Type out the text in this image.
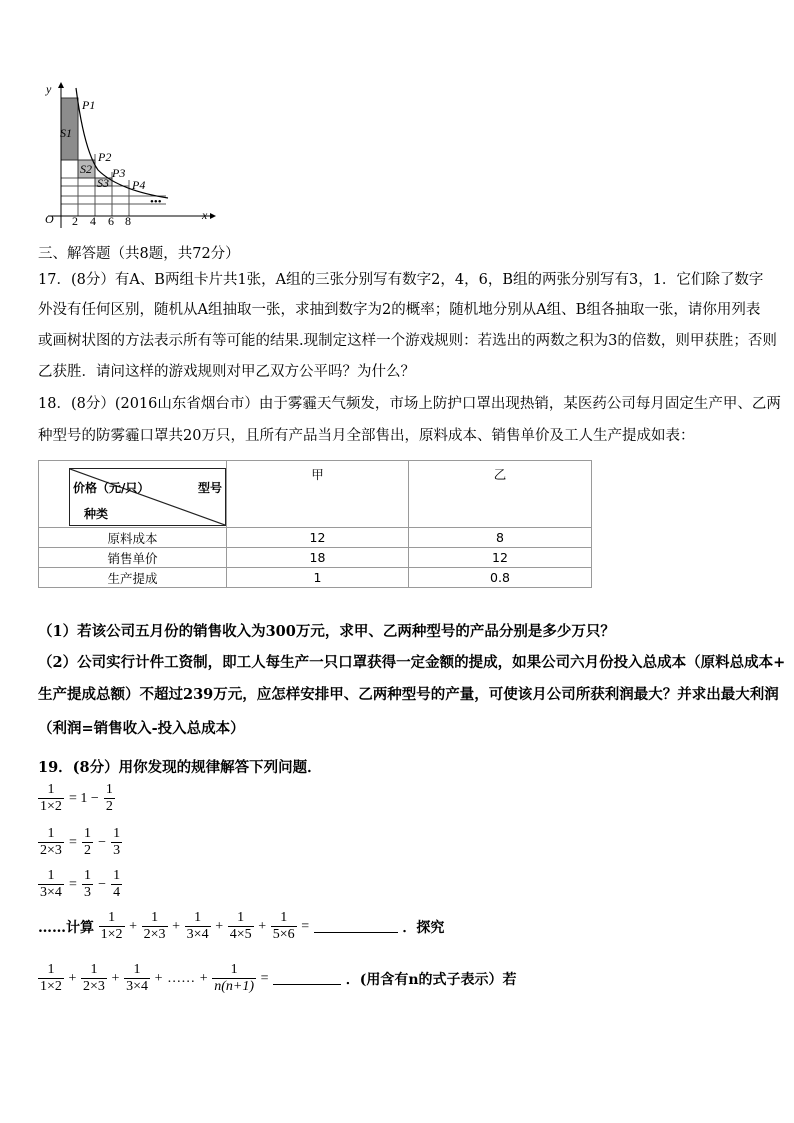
y
x
O 2 4 6 8
P1
P2
P3
P4
S1
S2
S3
•••
三、解答题（共8题，共72分）
17．(8分）有A、B两组卡片共1张，A组的三张分别写有数字2，4，6，B组的两张分别写有3，1．它们除了数字
外没有任何区别，随机从A组抽取一张，求抽到数字为2的概率；随机地分别从A组、B组各抽取一张，请你用列表
或画树状图的方法表示所有等可能的结果.现制定这样一个游戏规则：若选出的两数之积为3的倍数，则甲获胜；否则
乙获胜．请问这样的游戏规则对甲乙双方公平吗？为什么？
18．(8分）(2016山东省烟台市）由于雾霾天气频发，市场上防护口罩出现热销，某医药公司每月固定生产甲、乙两
种型号的防雾霾口罩共20万只，且所有产品当月全部售出，原料成本、销售单价及工人生产提成如表：
价格（元/只） 型号
种类	甲	乙
原料成本	12	8
销售单价	18	12
生产提成	1	0.8
（1）若该公司五月份的销售收入为300万元，求甲、乙两种型号的产品分别是多少万只？
（2）公司实行计件工资制，即工人每生产一只口罩获得一定金额的提成，如果公司六月份投入总成本（原料总成本+
生产提成总额）不超过239万元，应怎样安排甲、乙两种型号的产量，可使该月公司所获利润最大？并求出最大利润
（利润=销售收入-投入总成本）
19．(8分）用你发现的规律解答下列问题．
$\frac{1}{1\times 2} = 1 - \frac{1}{2}$
$\frac{1}{2\times 3} = \frac{1}{2} - \frac{1}{3}$
$\frac{1}{3\times 4} = \frac{1}{3} - \frac{1}{4}$
……计算 $\frac{1}{1\times 2} + \frac{1}{2\times 3} + \frac{1}{3\times 4} + \frac{1}{4\times 5} + \frac{1}{5\times 6}$ =	．探究
$\frac{1}{1\times 2} + \frac{1}{2\times 3} + \frac{1}{3\times 4}$ + …… + $\frac{1}{n(n+1)}$ =	．(用含有n的式子表示）若
